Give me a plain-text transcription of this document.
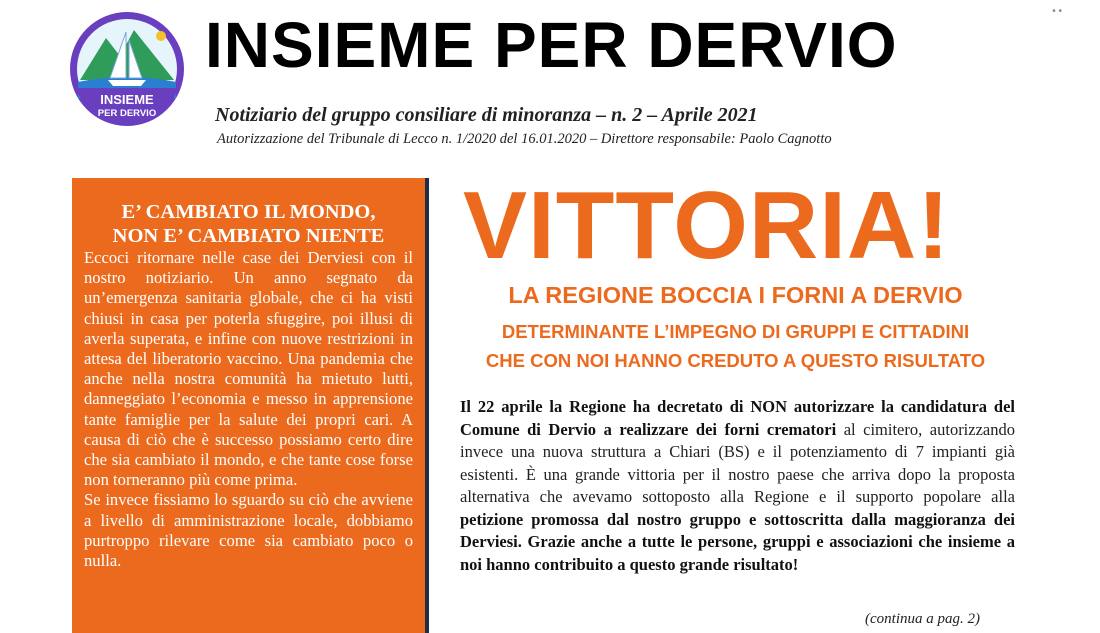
INSIEME
PER DERVIO
INSIEME PER DERVIO
Notiziario del gruppo consiliare di minoranza – n. 2 – Aprile 2021
Autorizzazione del Tribunale di Lecco n. 1/2020 del 16.01.2020 – Direttore responsabile: Paolo Cagnotto
• •
E’ CAMBIATO IL MONDO,
NON E’ CAMBIATO NIENTE

Eccoci ritornare nelle case dei Derviesi con il nostro notiziario. Un anno segnato da un’emergenza sanitaria globale, che ci ha visti chiusi in casa per poterla sfuggire, poi illusi di averla superata, e infine con nuove restrizioni in attesa del liberatorio vaccino. Una pandemia che anche nella nostra comunità ha mietuto lutti, danneggiato l’economia e messo in apprensione tante famiglie per la salute dei propri cari. A causa di ciò che è successo possiamo certo dire che sia cambiato il mondo, e che tante cose forse non torneranno più come prima.

Se invece fissiamo lo sguardo su ciò che avviene a livello di amministrazione locale, dobbiamo purtroppo rilevare come sia cambiato poco o nulla.

VITTORIA!
LA REGIONE BOCCIA I FORNI A DERVIO
DETERMINANTE L’IMPEGNO DI GRUPPI E CITTADINI
CHE CON NOI HANNO CREDUTO A QUESTO RISULTATO
Il 22 aprile la Regione ha decretato di NON autorizzare la candidatura del Comune di Dervio a realizzare dei forni crematori al cimitero, autorizzando invece una nuova struttura a Chiari (BS) e il potenziamento di 7 impianti già esistenti. È una grande vittoria per il nostro paese che arriva dopo la proposta alternativa che avevamo sottoposto alla Regione e il supporto popolare alla petizione promossa dal nostro gruppo e sottoscritta dalla maggioranza dei Derviesi. Grazie anche a tutte le persone, gruppi e associazioni che insieme a noi hanno contribuito a questo grande risultato!
(continua a pag. 2)
